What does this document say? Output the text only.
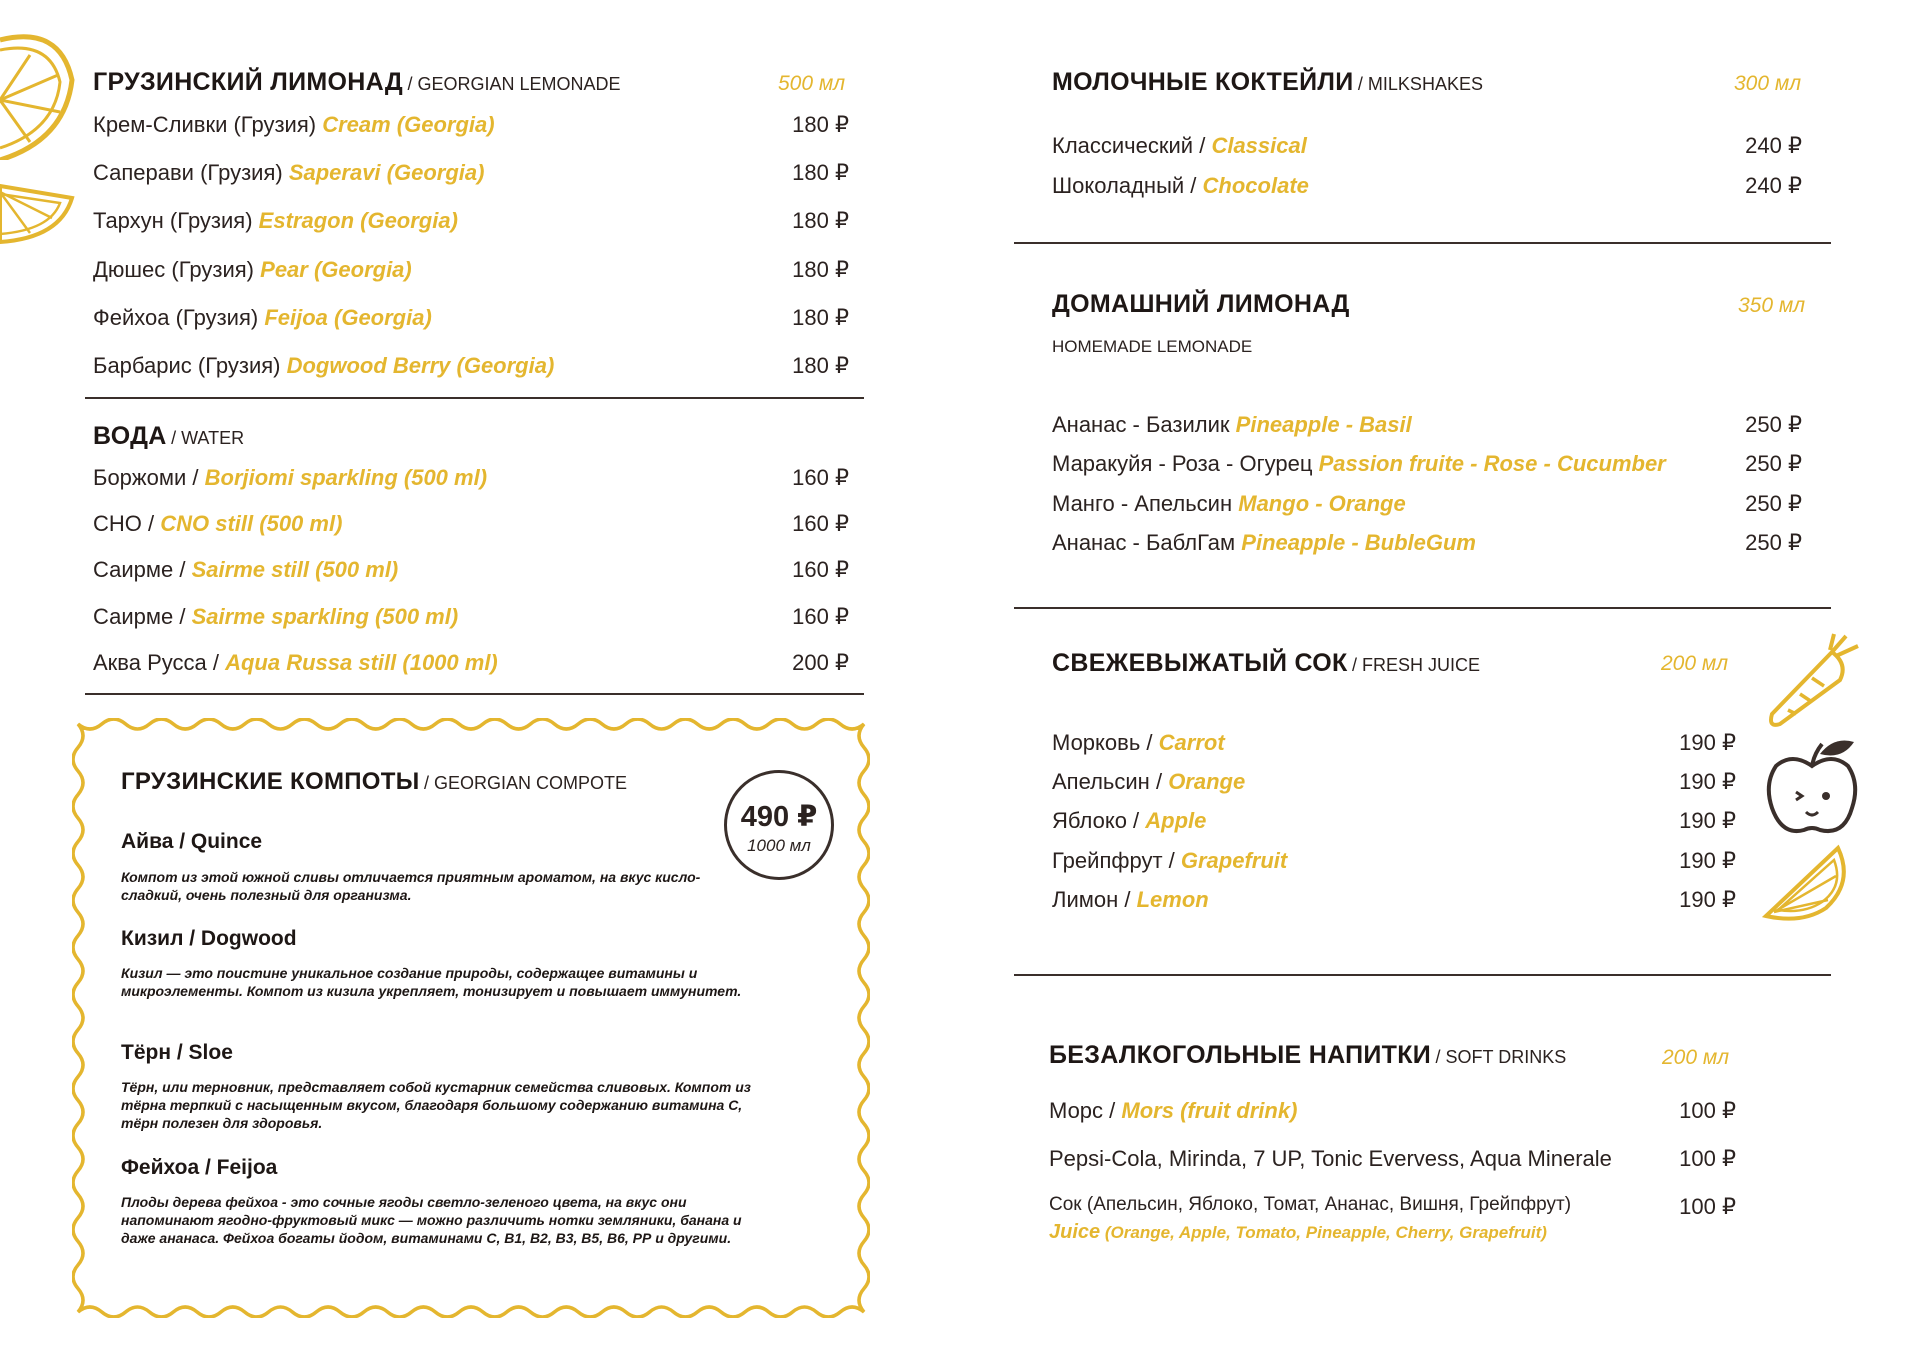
ГРУЗИНСКИЙ ЛИМОНАД / GEORGIAN LEMONADE	500 мл
Крем-Сливки (Грузия) Cream (Georgia)	180 ₽
Саперави (Грузия) Saperavi (Georgia)	180 ₽
Тархун (Грузия) Estragon (Georgia)	180 ₽
Дюшес (Грузия) Pear (Georgia)	180 ₽
Фейхоа (Грузия) Feijoa (Georgia)	180 ₽
Барбарис (Грузия) Dogwood Berry (Georgia)	180 ₽
ВОДА / WATER
Боржоми / Borjiomi sparkling (500 ml)	160 ₽
СНО / CNO still (500 ml)	160 ₽
Саирме / Sairme still (500 ml)	160 ₽
Саирме / Sairme sparkling (500 ml)	160 ₽
Аква Русса / Aqua Russa still (1000 ml)	200 ₽
ГРУЗИНСКИЕ КОМПОТЫ / GEORGIAN COMPOTE
490 ₽
1000 мл
Айва / Quince
Компот из этой южной сливы отличается приятным ароматом, на вкус кисло-сладкий, очень полезный для организма.
Кизил / Dogwood
Кизил — это поистине уникальное создание природы, содержащее витамины и микроэлементы. Компот из кизила укрепляет, тонизирует и повышает иммунитет.
Тёрн / Sloe
Тёрн, или терновник, представляет собой кустарник семейства сливовых. Компот из тёрна терпкий с насыщенным вкусом, благодаря большому содержанию витамина С, тёрн полезен для здоровья.
Фейхоа / Feijoa
Плоды дерева фейхоа - это сочные ягоды светло-зеленого цвета, на вкус они напоминают ягодно-фруктовый микс — можно различить нотки земляники, банана и даже ананаса. Фейхоа богаты йодом, витаминами С, В1, В2, В3, В5, В6, РР и другими.
МОЛОЧНЫЕ КОКТЕЙЛИ / MILKSHAKES	300 мл
Классический / Classical	240 ₽
Шоколадный / Chocolate	240 ₽
ДОМАШНИЙ ЛИМОНАД
HOMEMADE LEMONADE
350 мл
Ананас - Базилик Pineapple - Basil	250 ₽
Маракуйя - Роза - Огурец Passion fruite - Rose - Cucumber	250 ₽
Манго - Апельсин Mango - Orange	250 ₽
Ананас - БаблГам Pineapple - BubleGum	250 ₽
СВЕЖЕВЫЖАТЫЙ СОК / FRESH JUICE	200 мл
Морковь / Carrot	190 ₽
Апельсин / Orange	190 ₽
Яблоко / Apple	190 ₽
Грейпфрут / Grapefruit	190 ₽
Лимон / Lemon	190 ₽
БЕЗАЛКОГОЛЬНЫЕ НАПИТКИ / SOFT DRINKS	200 мл
Морс / Mors (fruit drink)	100 ₽
Pepsi-Cola, Mirinda, 7 UP, Tonic Evervess, Aqua Minerale	100 ₽
Сок (Апельсин, Яблоко, Томат, Ананас, Вишня, Грейпфрут)	100 ₽
Juice (Orange, Apple, Tomato, Pineapple, Cherry, Grapefruit)
